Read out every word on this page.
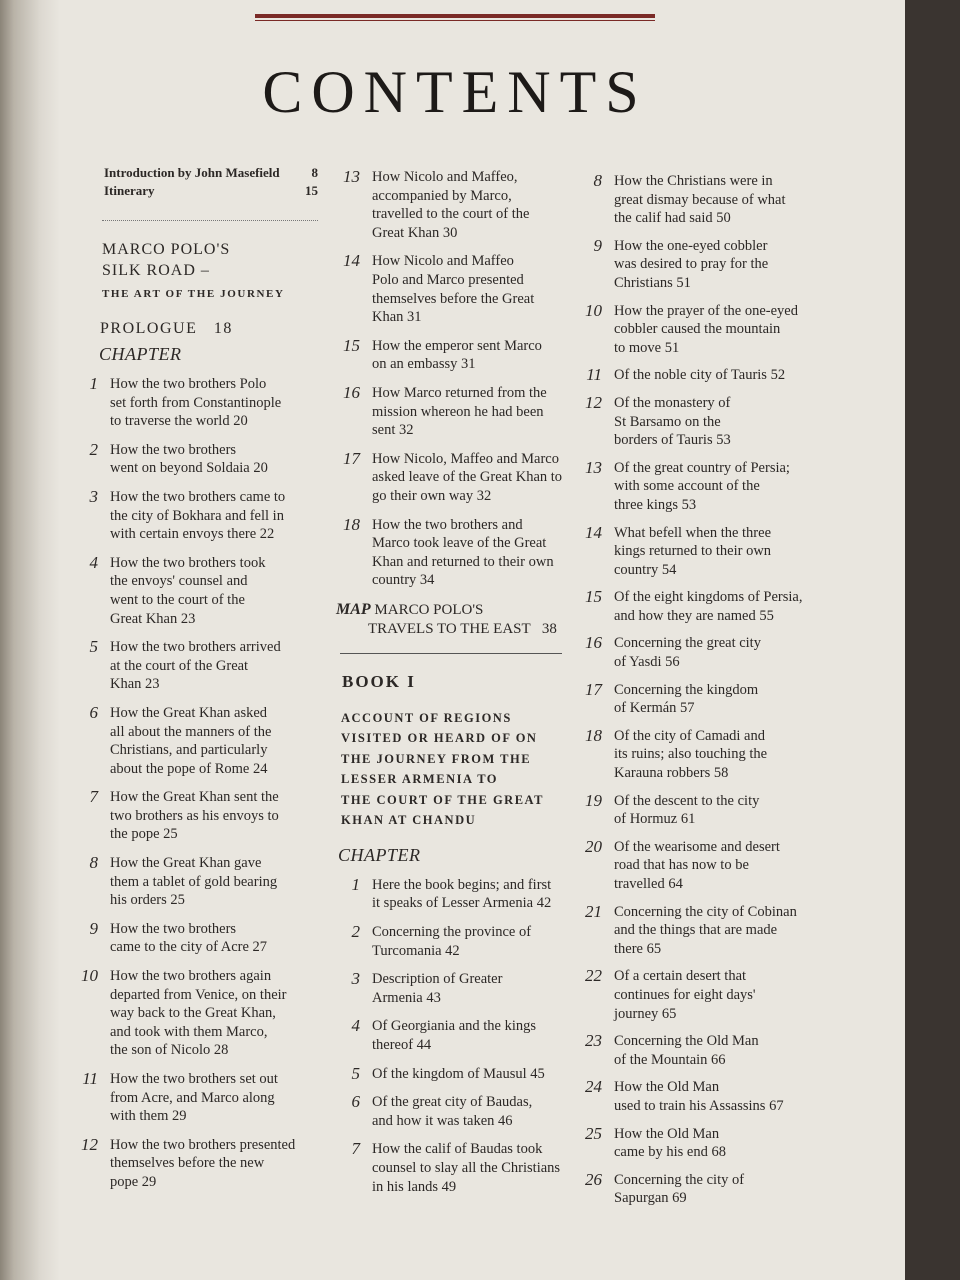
CONTENTS
Introduction by John Masefield 8
Itinerary	15
MARCO POLO'S
SILK ROAD –
THE ART OF THE JOURNEY
PROLOGUE 18
CHAPTER
1 How the two brothers Polo
set forth from Constantinople
to traverse the world 20
2 How the two brothers
went on beyond Soldaia 20
3 How the two brothers came to
the city of Bokhara and fell in
with certain envoys there 22
4 How the two brothers took
the envoys' counsel and
went to the court of the
Great Khan 23
5 How the two brothers arrived
at the court of the Great
Khan 23
6 How the Great Khan asked
all about the manners of the
Christians, and particularly
about the pope of Rome 24
7 How the Great Khan sent the
two brothers as his envoys to
the pope 25
8 How the Great Khan gave
them a tablet of gold bearing
his orders 25
9 How the two brothers
came to the city of Acre 27
10 How the two brothers again
departed from Venice, on their
way back to the Great Khan,
and took with them Marco,
the son of Nicolo 28
11 How the two brothers set out
from Acre, and Marco along
with them 29
12 How the two brothers presented
themselves before the new
pope 29
13 How Nicolo and Maffeo,
accompanied by Marco,
travelled to the court of the
Great Khan 30
14 How Nicolo and Maffeo
Polo and Marco presented
themselves before the Great
Khan 31
15 How the emperor sent Marco
on an embassy 31
16 How Marco returned from the
mission whereon he had been
sent 32
17 How Nicolo, Maffeo and Marco
asked leave of the Great Khan to
go their own way 32
18 How the two brothers and
Marco took leave of the Great
Khan and returned to their own
country 34
MAP MARCO POLO'S
TRAVELS TO THE EAST 38
BOOK I
ACCOUNT OF REGIONS
VISITED OR HEARD OF ON
THE JOURNEY FROM THE
LESSER ARMENIA TO
THE COURT OF THE GREAT
KHAN AT CHANDU
CHAPTER
1 Here the book begins; and first
it speaks of Lesser Armenia 42
2 Concerning the province of
Turcomania 42
3 Description of Greater
Armenia 43
4 Of Georgiania and the kings
thereof 44
5 Of the kingdom of Mausul 45
6 Of the great city of Baudas,
and how it was taken 46
7 How the calif of Baudas took
counsel to slay all the Christians
in his lands 49
8 How the Christians were in
great dismay because of what
the calif had said 50
9 How the one-eyed cobbler
was desired to pray for the
Christians 51
10 How the prayer of the one-eyed
cobbler caused the mountain
to move 51
11 Of the noble city of Tauris 52
12 Of the monastery of
St Barsamo on the
borders of Tauris 53
13 Of the great country of Persia;
with some account of the
three kings 53
14 What befell when the three
kings returned to their own
country 54
15 Of the eight kingdoms of Persia,
and how they are named 55
16 Concerning the great city
of Yasdi 56
17 Concerning the kingdom
of Kermán 57
18 Of the city of Camadi and
its ruins; also touching the
Karauna robbers 58
19 Of the descent to the city
of Hormuz 61
20 Of the wearisome and desert
road that has now to be
travelled 64
21 Concerning the city of Cobinan
and the things that are made
there 65
22 Of a certain desert that
continues for eight days'
journey 65
23 Concerning the Old Man
of the Mountain 66
24 How the Old Man
used to train his Assassins 67
25 How the Old Man
came by his end 68
26 Concerning the city of
Sapurgan 69
